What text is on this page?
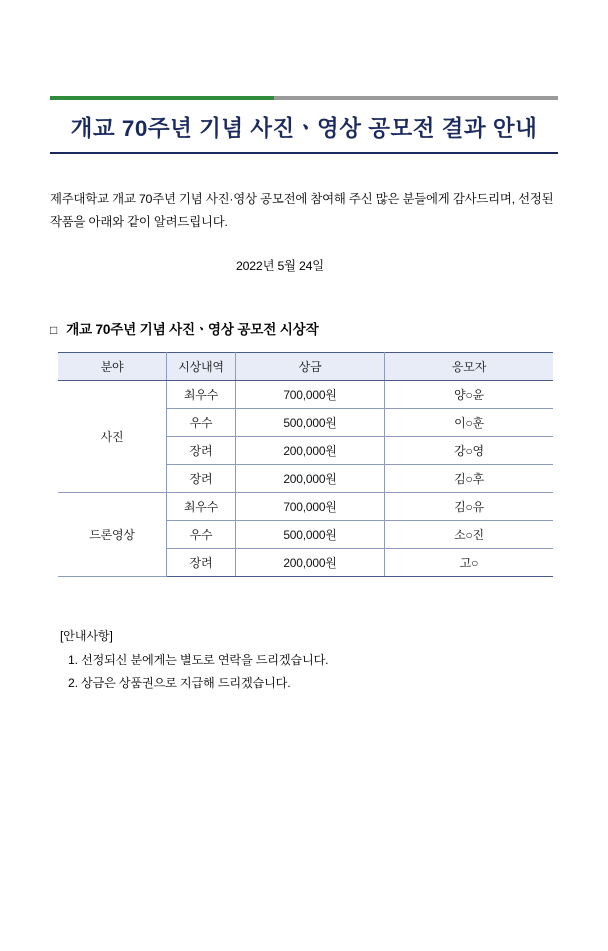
개교 70주년 기념 사진ㆍ영상 공모전 결과 안내
제주대학교 개교 70주년 기념 사진·영상 공모전에 참여해 주신 많은 분들에게 감사드리며, 선정된 작품을 아래와 같이 알려드립니다.
2022년 5월 24일
□ 개교 70주년 기념 사진ㆍ영상 공모전 시상작
분야	시상내역	상금	응모자
사진	최우수	700,000원	양○윤
	우수	500,000원	이○훈
	장려	200,000원	강○영
	장려	200,000원	김○후
드론영상	최우수	700,000원	김○유
	우수	500,000원	소○진
	장려	200,000원	고○
[안내사항]
1. 선정되신 분에게는 별도로 연락을 드리겠습니다.
2. 상금은 상품권으로 지급해 드리겠습니다.
